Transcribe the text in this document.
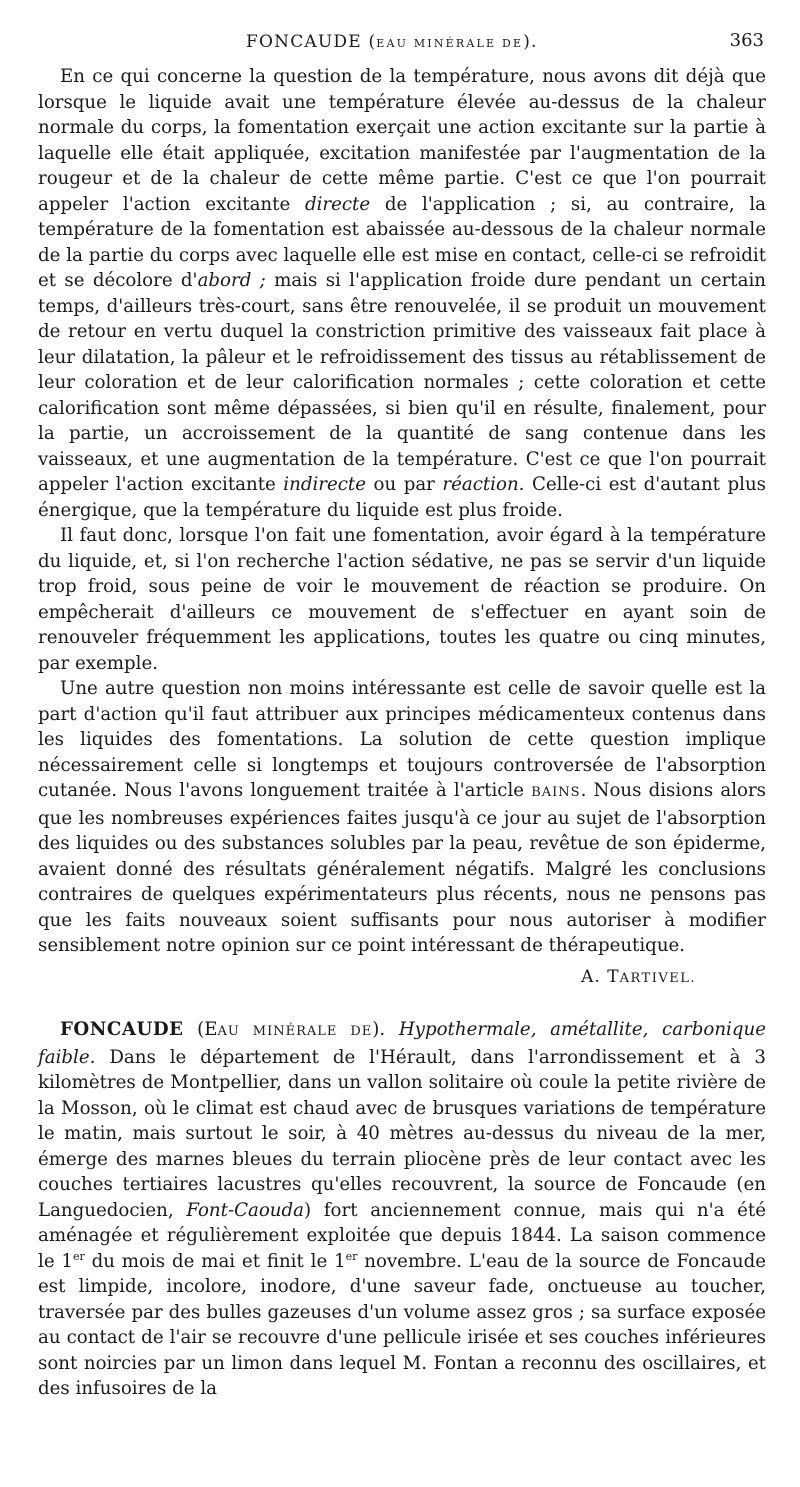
FONCAUDE (EAU MINÉRALE DE).	363

En ce qui concerne la question de la température, nous avons dit déjà que lorsque le liquide avait une température élevée au-dessus de la chaleur normale du corps, la fomentation exerçait une action excitante sur la partie à laquelle elle était appliquée, excitation manifestée par l'augmentation de la rougeur et de la chaleur de cette même partie. C'est ce que l'on pourrait appeler l'action excitante directe de l'application ; si, au contraire, la température de la fomentation est abaissée au-dessous de la chaleur normale de la partie du corps avec laquelle elle est mise en contact, celle-ci se refroidit et se décolore d'abord ; mais si l'application froide dure pendant un certain temps, d'ailleurs très-court, sans être renouvelée, il se produit un mouvement de retour en vertu duquel la constriction primitive des vaisseaux fait place à leur dilatation, la pâleur et le refroidissement des tissus au rétablissement de leur coloration et de leur calorification normales ; cette coloration et cette calorification sont même dépassées, si bien qu'il en résulte, finalement, pour la partie, un accroissement de la quantité de sang contenue dans les vaisseaux, et une augmentation de la température. C'est ce que l'on pourrait appeler l'action excitante indirecte ou par réaction. Celle-ci est d'autant plus énergique, que la température du liquide est plus froide.

Il faut donc, lorsque l'on fait une fomentation, avoir égard à la température du liquide, et, si l'on recherche l'action sédative, ne pas se servir d'un liquide trop froid, sous peine de voir le mouvement de réaction se produire. On empêcherait d'ailleurs ce mouvement de s'effectuer en ayant soin de renouveler fréquemment les applications, toutes les quatre ou cinq minutes, par exemple.

Une autre question non moins intéressante est celle de savoir quelle est la part d'action qu'il faut attribuer aux principes médicamenteux contenus dans les liquides des fomentations. La solution de cette question implique nécessairement celle si longtemps et toujours controversée de l'absorption cutanée. Nous l'avons longuement traitée à l'article BAINS. Nous disions alors que les nombreuses expériences faites jusqu'à ce jour au sujet de l'absorption des liquides ou des substances solubles par la peau, revêtue de son épiderme, avaient donné des résultats généralement négatifs. Malgré les conclusions contraires de quelques expérimentateurs plus récents, nous ne pensons pas que les faits nouveaux soient suffisants pour nous autoriser à modifier sensiblement notre opinion sur ce point intéressant de thérapeutique.

A. TARTIVEL.

FONCAUDE (EAU MINÉRALE DE). Hypothermale, amétallite, carbonique faible. Dans le département de l'Hérault, dans l'arrondissement et à 3 kilomètres de Montpellier, dans un vallon solitaire où coule la petite rivière de la Mosson, où le climat est chaud avec de brusques variations de température le matin, mais surtout le soir, à 40 mètres au-dessus du niveau de la mer, émerge des marnes bleues du terrain pliocène près de leur contact avec les couches tertiaires lacustres qu'elles recouvrent, la source de Foncaude (en Languedocien, Font-Caouda) fort anciennement connue, mais qui n'a été aménagée et régulièrement exploitée que depuis 1844. La saison commence le 1er du mois de mai et finit le 1er novembre. L'eau de la source de Foncaude est limpide, incolore, inodore, d'une saveur fade, onctueuse au toucher, traversée par des bulles gazeuses d'un volume assez gros ; sa surface exposée au contact de l'air se recouvre d'une pellicule irisée et ses couches inférieures sont noircies par un limon dans lequel M. Fontan a reconnu des oscillaires, et des infusoires de la
